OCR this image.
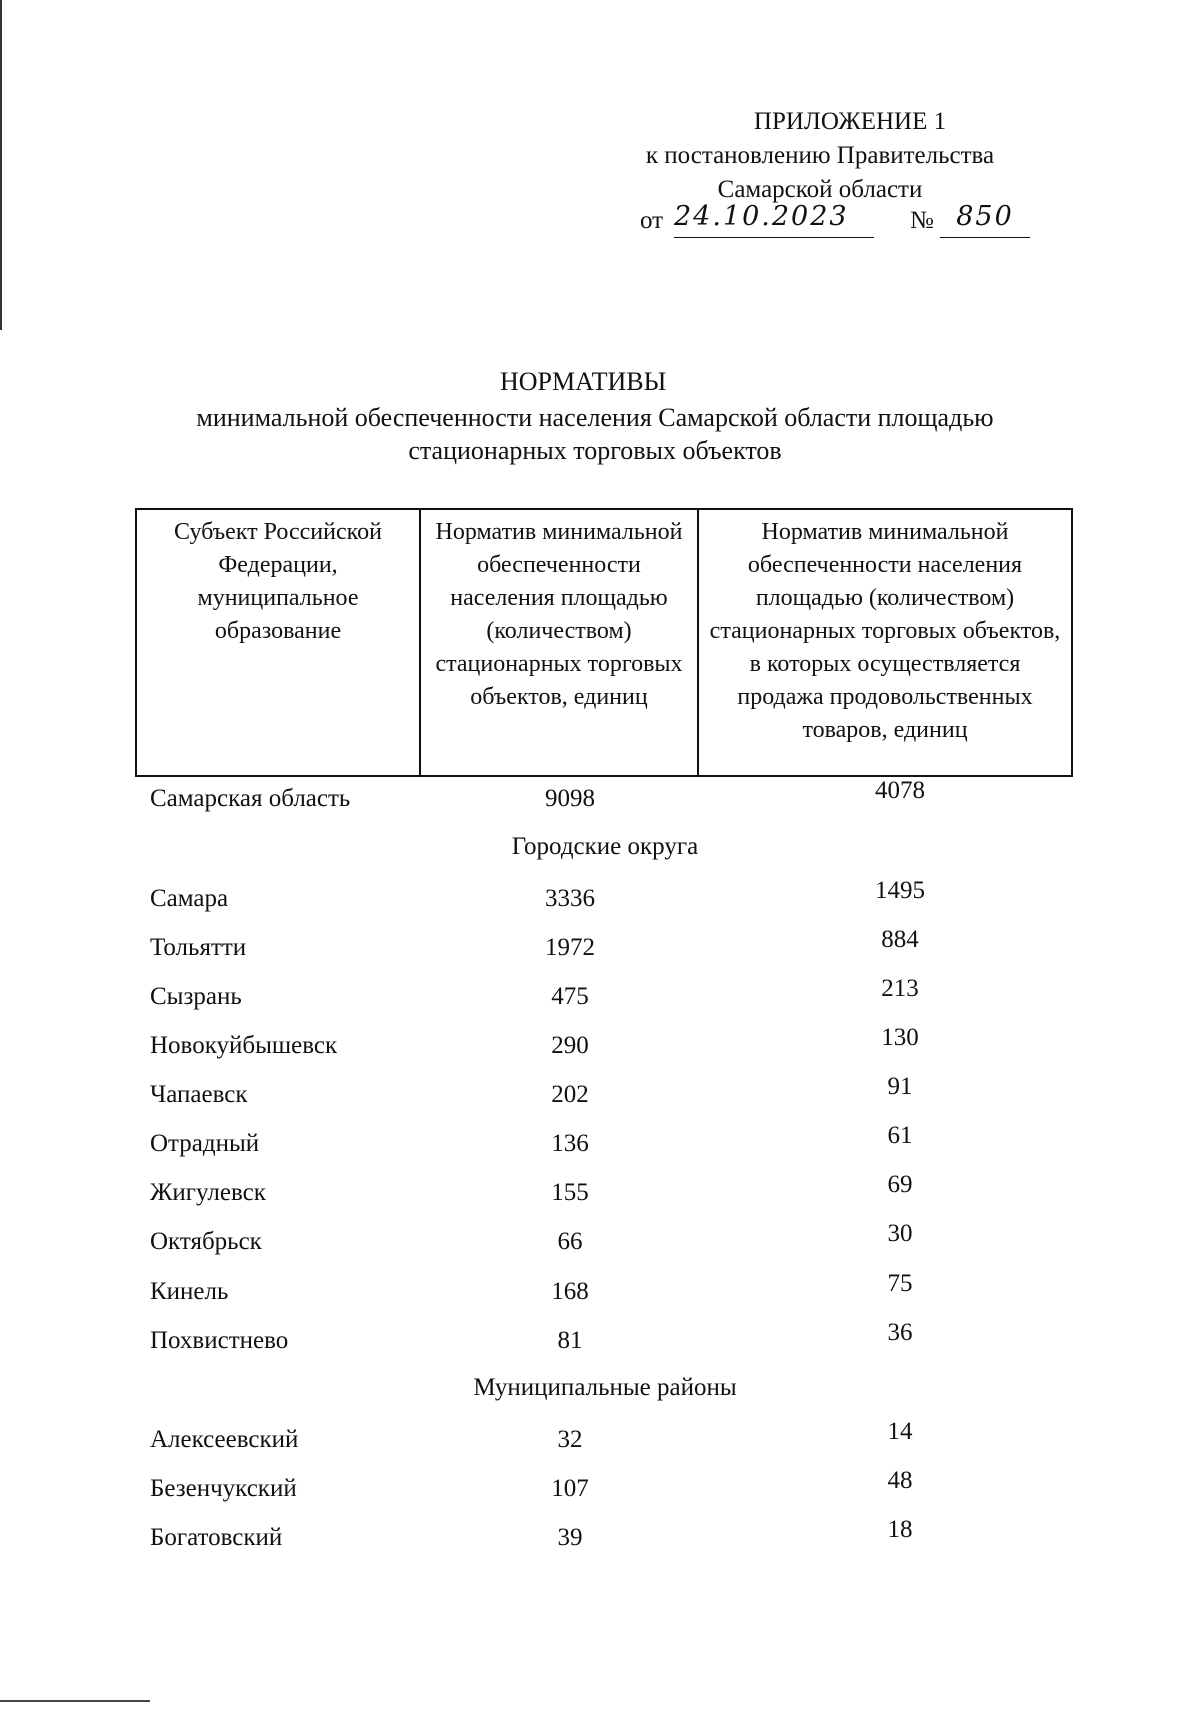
ПРИЛОЖЕНИЕ 1
к постановлению Правительства
Самарской области
от 24.10.2023	№ 850
НОРМАТИВЫ
минимальной обеспеченности населения Самарской области площадью
стационарных торговых объектов
Субъект Российской Федерации, муниципальное образование	Норматив минимальной обеспеченности населения площадью (количеством) стационарных торговых объектов, единиц	Норматив минимальной обеспеченности населения площадью (количеством) стационарных торговых объектов, в которых осуществляется продажа продовольственных товаров, единиц
Самарская область	9098	4078
Городские округа
Самара	3336	1495
Тольятти	1972	884
Сызрань	475	213
Новокуйбышевск	290	130
Чапаевск	202	91
Отрадный	136	61
Жигулевск	155	69
Октябрьск	66	30
Кинель	168	75
Похвистнево	81	36
Муниципальные районы
Алексеевский	32	14
Безенчукский	107	48
Богатовский	39	18
